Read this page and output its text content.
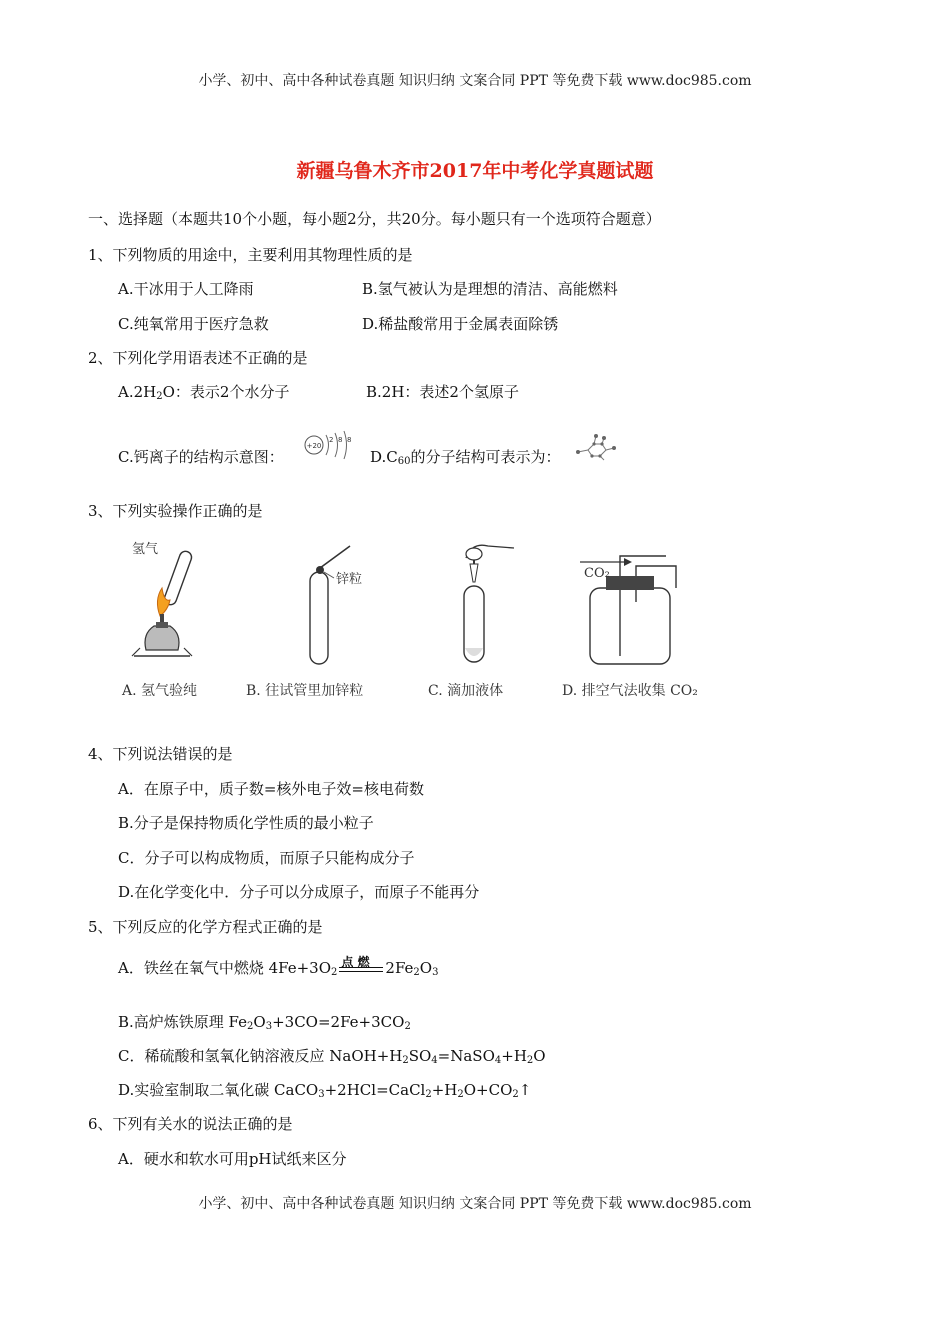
小学、初中、高中各种试卷真题 知识归纳 文案合同 PPT 等免费下载 www.doc985.com
新疆乌鲁木齐市2017年中考化学真题试题
一、选择题（本题共10个小题，每小题2分，共20分。每小题只有一个选项符合题意）
1、下列物质的用途中，主要利用其物理性质的是
A.干冰用于人工降雨	B.氢气被认为是理想的清洁、高能燃料
C.纯氧常用于医疗急救	D.稀盐酸常用于金属表面除锈
2、下列化学用语表述不正确的是
$A.2H_2O$：表示2个水分子	B.2H：表述2个氢原子
C.钙离子的结构示意图：
+20
2 8 8
$D.C_{60}$的分子结构可表示为：
3、下列实验操作正确的是
氢气
锌粒	CO₂
A. 氢气验纯	B. 往试管里加锌粒	C. 滴加液体	D. 排空气法收集 CO₂
4、下列说法错误的是
A．在原子中，质子数=核外电子效=核电荷数
B.分子是保持物质化学性质的最小粒子
C．分子可以构成物质，而原子只能构成分子
D.在化学变化中．分子可以分成原子，而原子不能再分
5、下列反应的化学方程式正确的是
A．铁丝在氧气中燃烧 $4Fe+3O_2$
点 燃 $2Fe_2O_3$
B.高炉炼铁原理 $Fe_2O_3+3CO=2Fe+3CO_2$
C．稀硫酸和氢氧化钠溶液反应 $NaOH+H_2SO_4=NaSO_4+H_2O$
D.实验室制取二氧化碳 $CaCO_3+2HCl=CaCl_2+H_2O+CO_2↑$
6、下列有关水的说法正确的是
A．硬水和软水可用pH试纸来区分
小学、初中、高中各种试卷真题 知识归纳 文案合同 PPT 等免费下载 www.doc985.com
